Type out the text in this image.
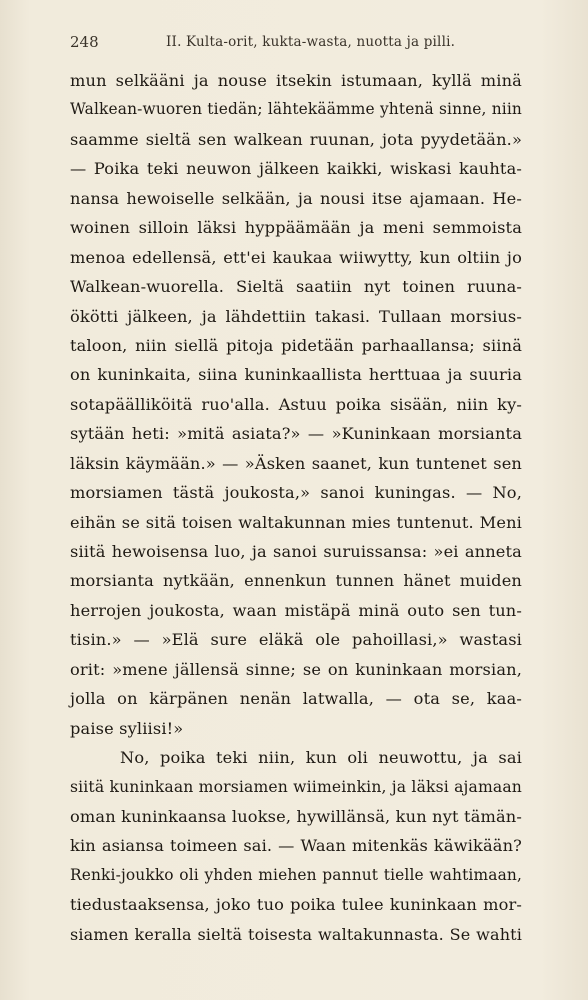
248	II. Kulta-orit, kukta-wasta, nuotta ja pilli.
mun selkääni ja nouse itsekin istumaan, kyllä minä
Walkean-wuoren tiedän; lähtekäämme yhtenä sinne, niin
saamme sieltä sen walkean ruunan, jota pyydetään.»
— Poika teki neuwon jälkeen kaikki, wiskasi kauhta-
nansa hewoiselle selkään, ja nousi itse ajamaan. He-
woinen silloin läksi hyppäämään ja meni semmoista
menoa edellensä, ett'ei kaukaa wiiwytty, kun oltiin jo
Walkean-wuorella. Sieltä saatiin nyt toinen ruuna-
ökötti jälkeen, ja lähdettiin takasi. Tullaan morsius-
taloon, niin siellä pitoja pidetään parhaallansa; siinä
on kuninkaita, siina kuninkaallista herttuaa ja suuria
sotapäälliköitä ruo'alla. Astuu poika sisään, niin ky-
sytään heti: »mitä asiata?» — »Kuninkaan morsianta
läksin käymään.» — »Äsken saanet, kun tuntenet sen
morsiamen tästä joukosta,» sanoi kuningas. — No,
eihän se sitä toisen waltakunnan mies tuntenut. Meni
siitä hewoisensa luo, ja sanoi suruissansa: »ei anneta
morsianta nytkään, ennenkun tunnen hänet muiden
herrojen joukosta, waan mistäpä minä outo sen tun-
tisin.» — »Elä sure eläkä ole pahoillasi,» wastasi
orit: »mene jällensä sinne; se on kuninkaan morsian,
jolla on kärpänen nenän latwalla, — ota se, kaa-
paise syliisi!»
No, poika teki niin, kun oli neuwottu, ja sai
siitä kuninkaan morsiamen wiimeinkin, ja läksi ajamaan
oman kuninkaansa luokse, hywillänsä, kun nyt tämän-
kin asiansa toimeen sai. — Waan mitenkäs käwikään?
Renki-joukko oli yhden miehen pannut tielle wahtimaan,
tiedustaaksensa, joko tuo poika tulee kuninkaan mor-
siamen keralla sieltä toisesta waltakunnasta. Se wahti
